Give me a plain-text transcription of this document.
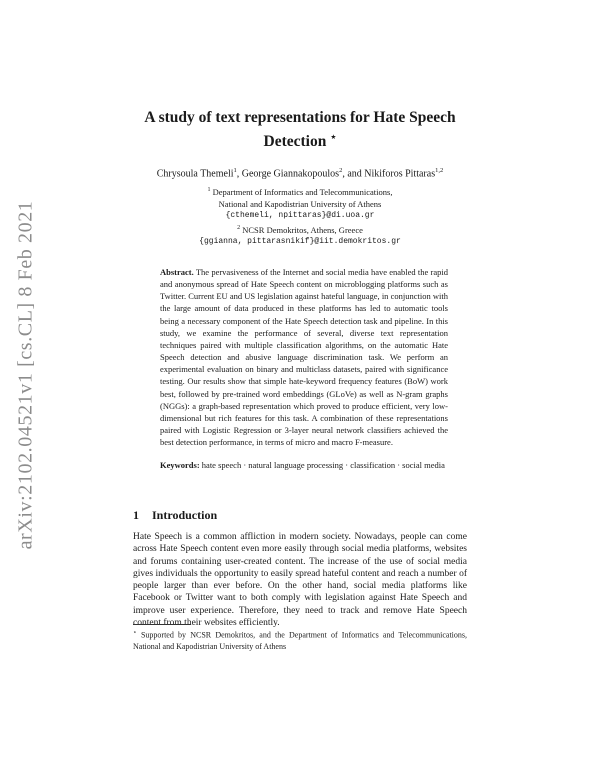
arXiv:2102.04521v1 [cs.CL] 8 Feb 2021
A study of text representations for Hate Speech Detection ⋆
Chrysoula Themeli$^1$, George Giannakopoulos$^2$, and Nikiforos Pittaras$^{1,2}$
$^1$ Department of Informatics and Telecommunications,
National and Kapodistrian University of Athens
{cthemeli, npittaras}@di.uoa.gr
$^2$ NCSR Demokritos, Athens, Greece
{ggianna, pittarasnikif}@iit.demokritos.gr

Abstract. The pervasiveness of the Internet and social media have enabled the rapid and anonymous spread of Hate Speech content on microblogging platforms such as Twitter. Current EU and US legislation against hateful language, in conjunction with the large amount of data produced in these platforms has led to automatic tools being a necessary component of the Hate Speech detection task and pipeline. In this study, we examine the performance of several, diverse text representation techniques paired with multiple classification algorithms, on the automatic Hate Speech detection and abusive language discrimination task. We perform an experimental evaluation on binary and multiclass datasets, paired with significance testing. Our results show that simple hate-keyword frequency features (BoW) work best, followed by pre-trained word embeddings (GLoVe) as well as N-gram graphs (NGGs): a graph-based representation which proved to produce efficient, very low-dimensional but rich features for this task. A combination of these representations paired with Logistic Regression or 3-layer neural network classifiers achieved the best detection performance, in terms of micro and macro F-measure.

Keywords: hate speech · natural language processing · classification · social media

1 Introduction

Hate Speech is a common affliction in modern society. Nowadays, people can come across Hate Speech content even more easily through social media platforms, websites and forums containing user-created content. The increase of the use of social media gives individuals the opportunity to easily spread hateful content and reach a number of people larger than ever before. On the other hand, social media platforms like Facebook or Twitter want to both comply with legislation against Hate Speech and improve user experience. Therefore, they need to track and remove Hate Speech content from their websites efficiently.

⋆ Supported by NCSR Demokritos, and the Department of Informatics and Telecommunications, National and Kapodistrian University of Athens
